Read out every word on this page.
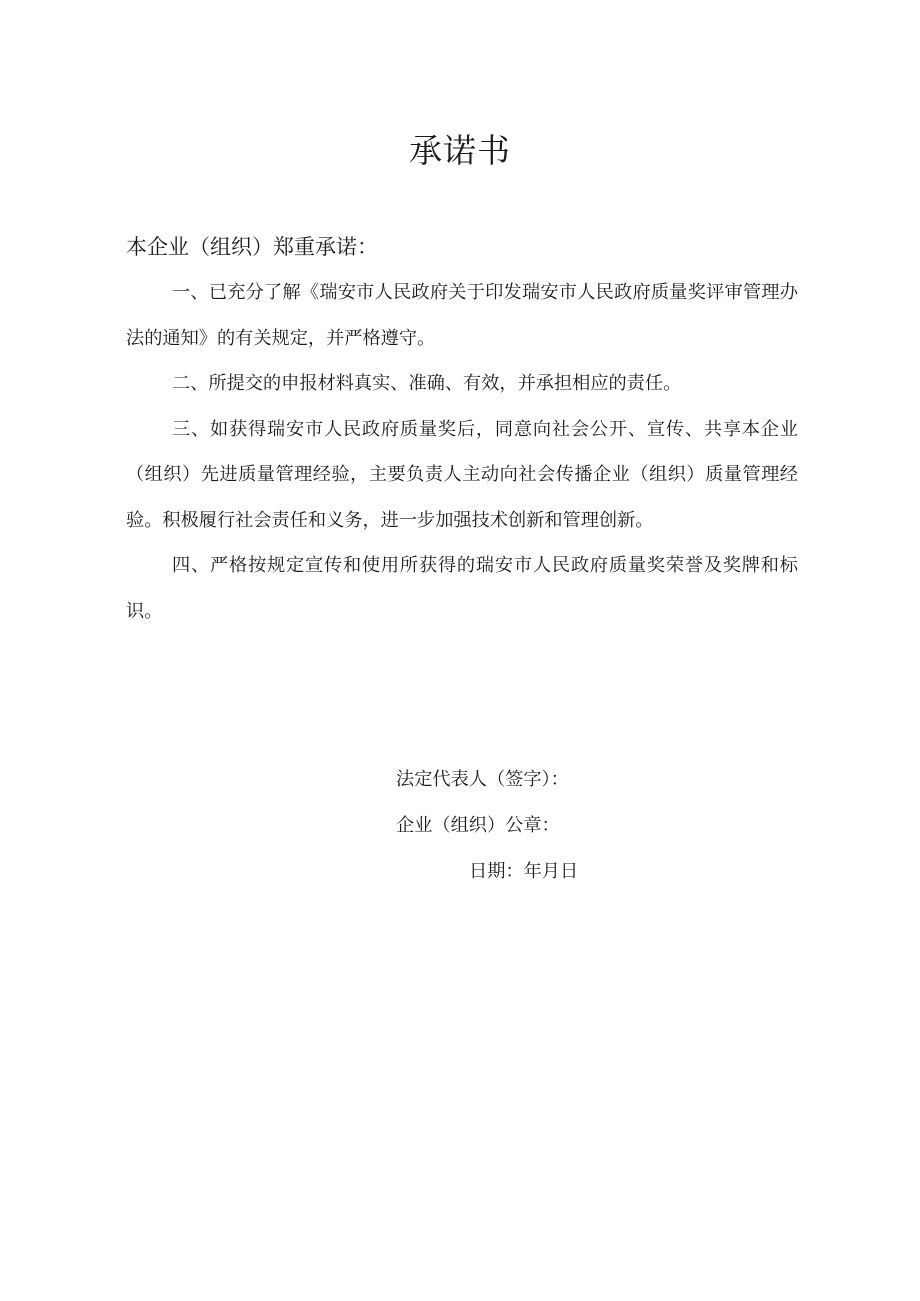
承诺书

本企业（组织）郑重承诺：

一、已充分了解《瑞安市人民政府关于印发瑞安市人民政府质量奖评审管理办法的通知》的有关规定，并严格遵守。

二、所提交的申报材料真实、准确、有效，并承担相应的责任。

三、如获得瑞安市人民政府质量奖后，同意向社会公开、宣传、共享本企业（组织）先进质量管理经验，主要负责人主动向社会传播企业（组织）质量管理经验。积极履行社会责任和义务，进一步加强技术创新和管理创新。

四、严格按规定宣传和使用所获得的瑞安市人民政府质量奖荣誉及奖牌和标识。

法定代表人（签字）：

企业（组织）公章：

日期：年月日
